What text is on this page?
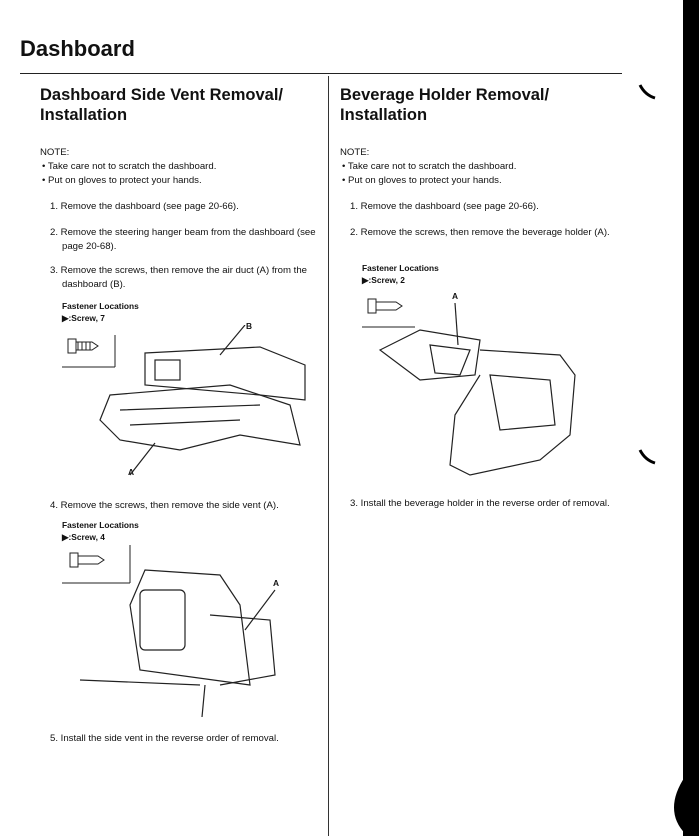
Dashboard
Dashboard Side Vent Removal/ Installation
NOTE:
• Take care not to scratch the dashboard.
• Put on gloves to protect your hands.
1. Remove the dashboard (see page 20-66).
2. Remove the steering hanger beam from the dashboard (see page 20-68).
3. Remove the screws, then remove the air duct (A) from the dashboard (B).
Fastener Locations
▶:Screw, 7
B
A
4. Remove the screws, then remove the side vent (A).
Fastener Locations
▶:Screw, 4
A
5. Install the side vent in the reverse order of removal.
Beverage Holder Removal/ Installation
NOTE:
• Take care not to scratch the dashboard.
• Put on gloves to protect your hands.
1. Remove the dashboard (see page 20-66).
2. Remove the screws, then remove the beverage holder (A).
Fastener Locations
▶:Screw, 2
A
3. Install the beverage holder in the reverse order of removal.
